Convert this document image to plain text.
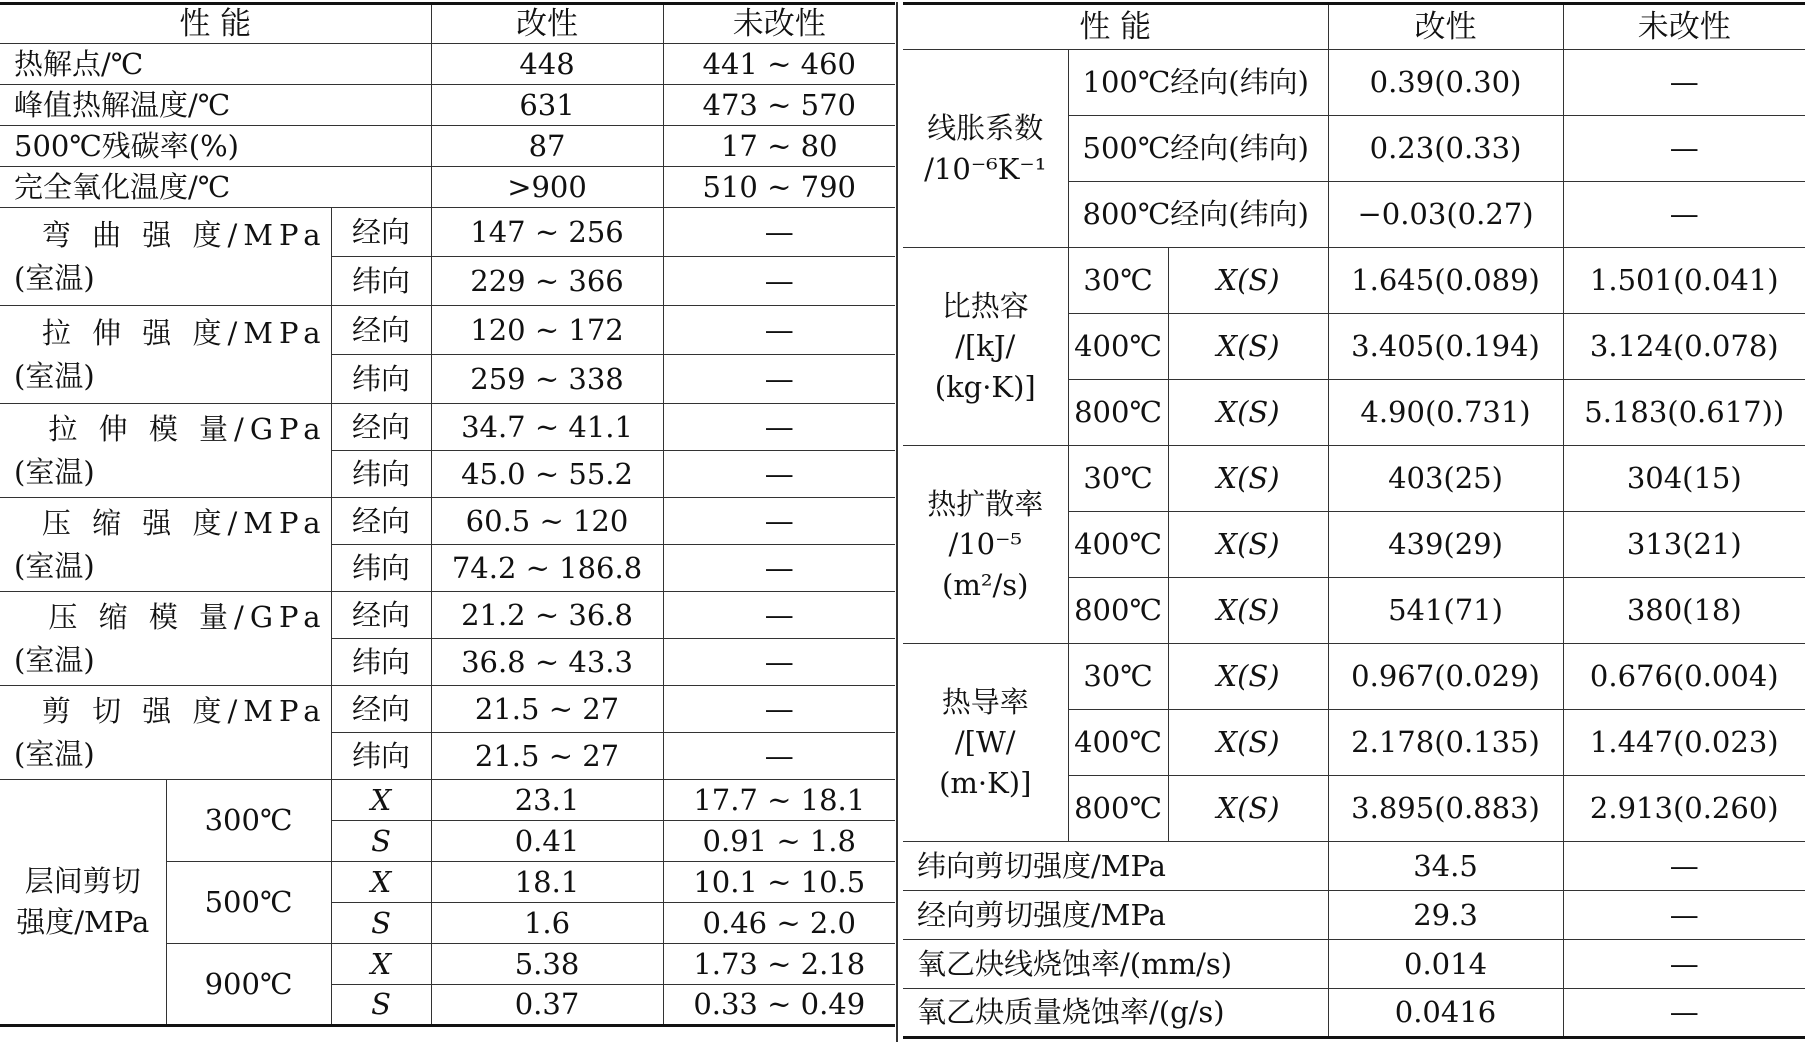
性 能			改性	未改性
热解点/℃			448	441 ~ 460
峰值热解温度/℃			631	473 ~ 570
500℃残碳率(%)			87	17 ~ 80
完全氧化温度/℃			>900	510 ~ 790

弯 曲 强 度/MPa
(室温)		经向	147 ~ 256	—
		纬向	229 ~ 366	—

拉 伸 强 度/MPa
(室温)		经向	120 ~ 172	—
		纬向	259 ~ 338	—

拉 伸 模 量/GPa
(室温)		经向	34.7 ~ 41.1	—
		纬向	45.0 ~ 55.2	—

压 缩 强 度/MPa
(室温)		经向	60.5 ~ 120	—
		纬向	74.2 ~ 186.8	—

压 缩 模 量/GPa
(室温)		经向	21.2 ~ 36.8	—
		纬向	36.8 ~ 43.3	—

剪 切 强 度/MPa
(室温)		经向	21.5 ~ 27	—
		纬向	21.5 ~ 27	—

层间剪切
强度/MPa	300℃	X	23.1	17.7 ~ 18.1
		S	0.41	0.91 ~ 1.8
	500℃	X	18.1	10.1 ~ 10.5
		S	1.6	0.46 ~ 2.0
	900℃	X	5.38	1.73 ~ 2.18
		S	0.37	0.33 ~ 0.49
性 能			改性	未改性

线胀系数
/10⁻⁶K⁻¹	100℃经向(纬向)		0.39(0.30)	—
	500℃经向(纬向)		0.23(0.33)	—
	800℃经向(纬向)		−0.03(0.27)	—

比热容
/[kJ/
(kg·K)]	30℃	X(S)	1.645(0.089)	1.501(0.041)
	400℃	X(S)	3.405(0.194)	3.124(0.078)
	800℃	X(S)	4.90(0.731)	5.183(0.617))

热扩散率
/10⁻⁵
(m²/s)	30℃	X(S)	403(25)	304(15)
	400℃	X(S)	439(29)	313(21)
	800℃	X(S)	541(71)	380(18)

热导率
/[W/
(m·K)]	30℃	X(S)	0.967(0.029)	0.676(0.004)
	400℃	X(S)	2.178(0.135)	1.447(0.023)
	800℃	X(S)	3.895(0.883)	2.913(0.260)
纬向剪切强度/MPa			34.5	—
经向剪切强度/MPa			29.3	—
氧乙炔线烧蚀率/(mm/s)			0.014	—
氧乙炔质量烧蚀率/(g/s)			0.0416	—
